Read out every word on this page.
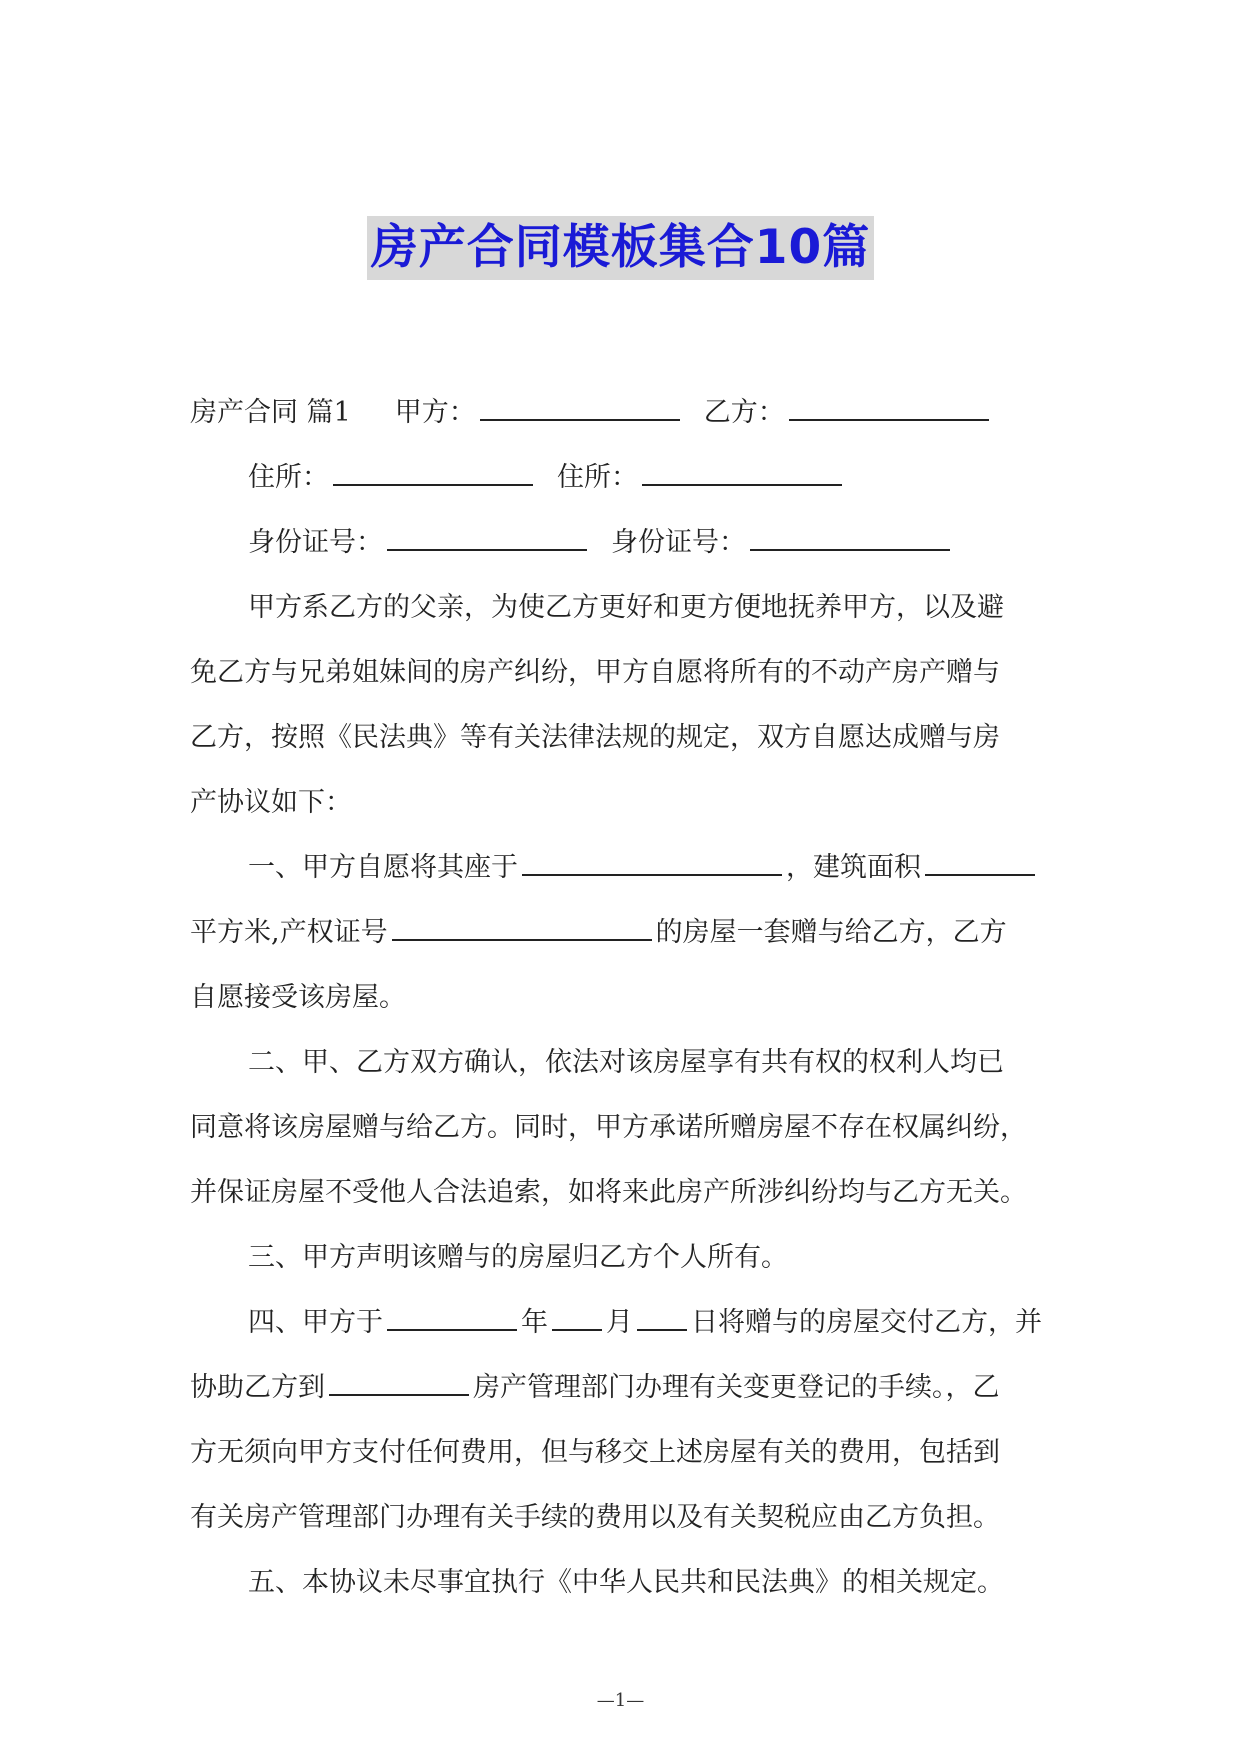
房产合同模板集合10篇
房产合同 篇1 甲方：	乙方：
住所：	住所：
身份证号：	身份证号：
甲方系乙方的父亲，为使乙方更好和更方便地抚养甲方，以及避
免乙方与兄弟姐妹间的房产纠纷，甲方自愿将所有的不动产房产赠与
乙方，按照《民法典》等有关法律法规的规定，双方自愿达成赠与房
产协议如下：
一、甲方自愿将其座于	，建筑面积
平方米,产权证号	的房屋一套赠与给乙方，乙方
自愿接受该房屋。
二、甲、乙方双方确认，依法对该房屋享有共有权的权利人均已
同意将该房屋赠与给乙方。同时，甲方承诺所赠房屋不存在权属纠纷，
并保证房屋不受他人合法追索，如将来此房产所涉纠纷均与乙方无关。
三、甲方声明该赠与的房屋归乙方个人所有。
四、甲方于	年 月 日将赠与的房屋交付乙方，并
协助乙方到	房产管理部门办理有关变更登记的手续。，乙
方无须向甲方支付任何费用，但与移交上述房屋有关的费用，包括到
有关房产管理部门办理有关手续的费用以及有关契税应由乙方负担。
五、本协议未尽事宜执行《中华人民共和民法典》的相关规定。
—1—
